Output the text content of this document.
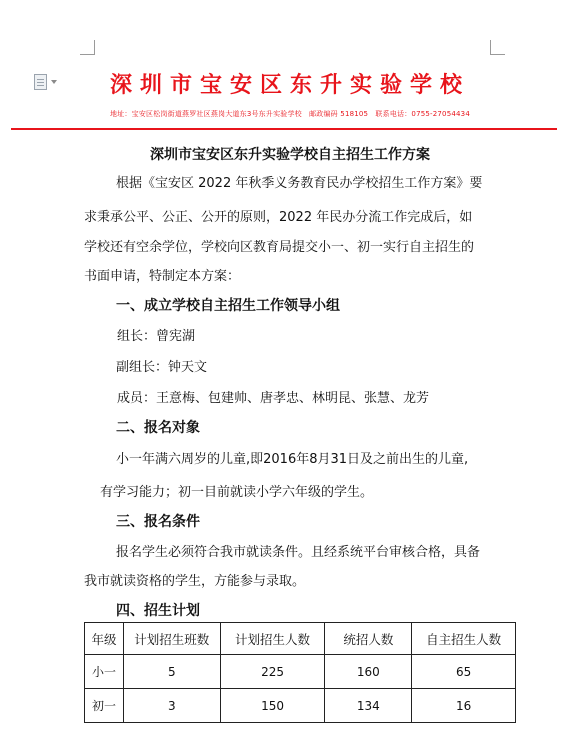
深圳市宝安区东升实验学校
地址：宝安区松岗街道燕罗社区燕岗大道东3号东升实验学校　邮政编码 518105　联系电话：0755-27054434
深圳市宝安区东升实验学校自主招生工作方案
根据《宝安区 2022 年秋季义务教育民办学校招生工作方案》要
求秉承公平、公正、公开的原则，2022 年民办分流工作完成后，如
学校还有空余学位，学校向区教育局提交小一、初一实行自主招生的
书面申请，特制定本方案：
一、成立学校自主招生工作领导小组
组长：曾宪湖
副组长：钟天文
成员：王意梅、包建帅、唐孝忠、林明昆、张慧、龙芳
二、报名对象
小一年满六周岁的儿童,即2016年8月31日及之前出生的儿童,
有学习能力；初一目前就读小学六年级的学生。
三、报名条件
报名学生必须符合我市就读条件。且经系统平台审核合格，具备
我市就读资格的学生，方能参与录取。
四、招生计划
年级	计划招生班数	计划招生人数	统招人数	自主招生人数
小一	5	225	160	65
初一	3	150	134	16
